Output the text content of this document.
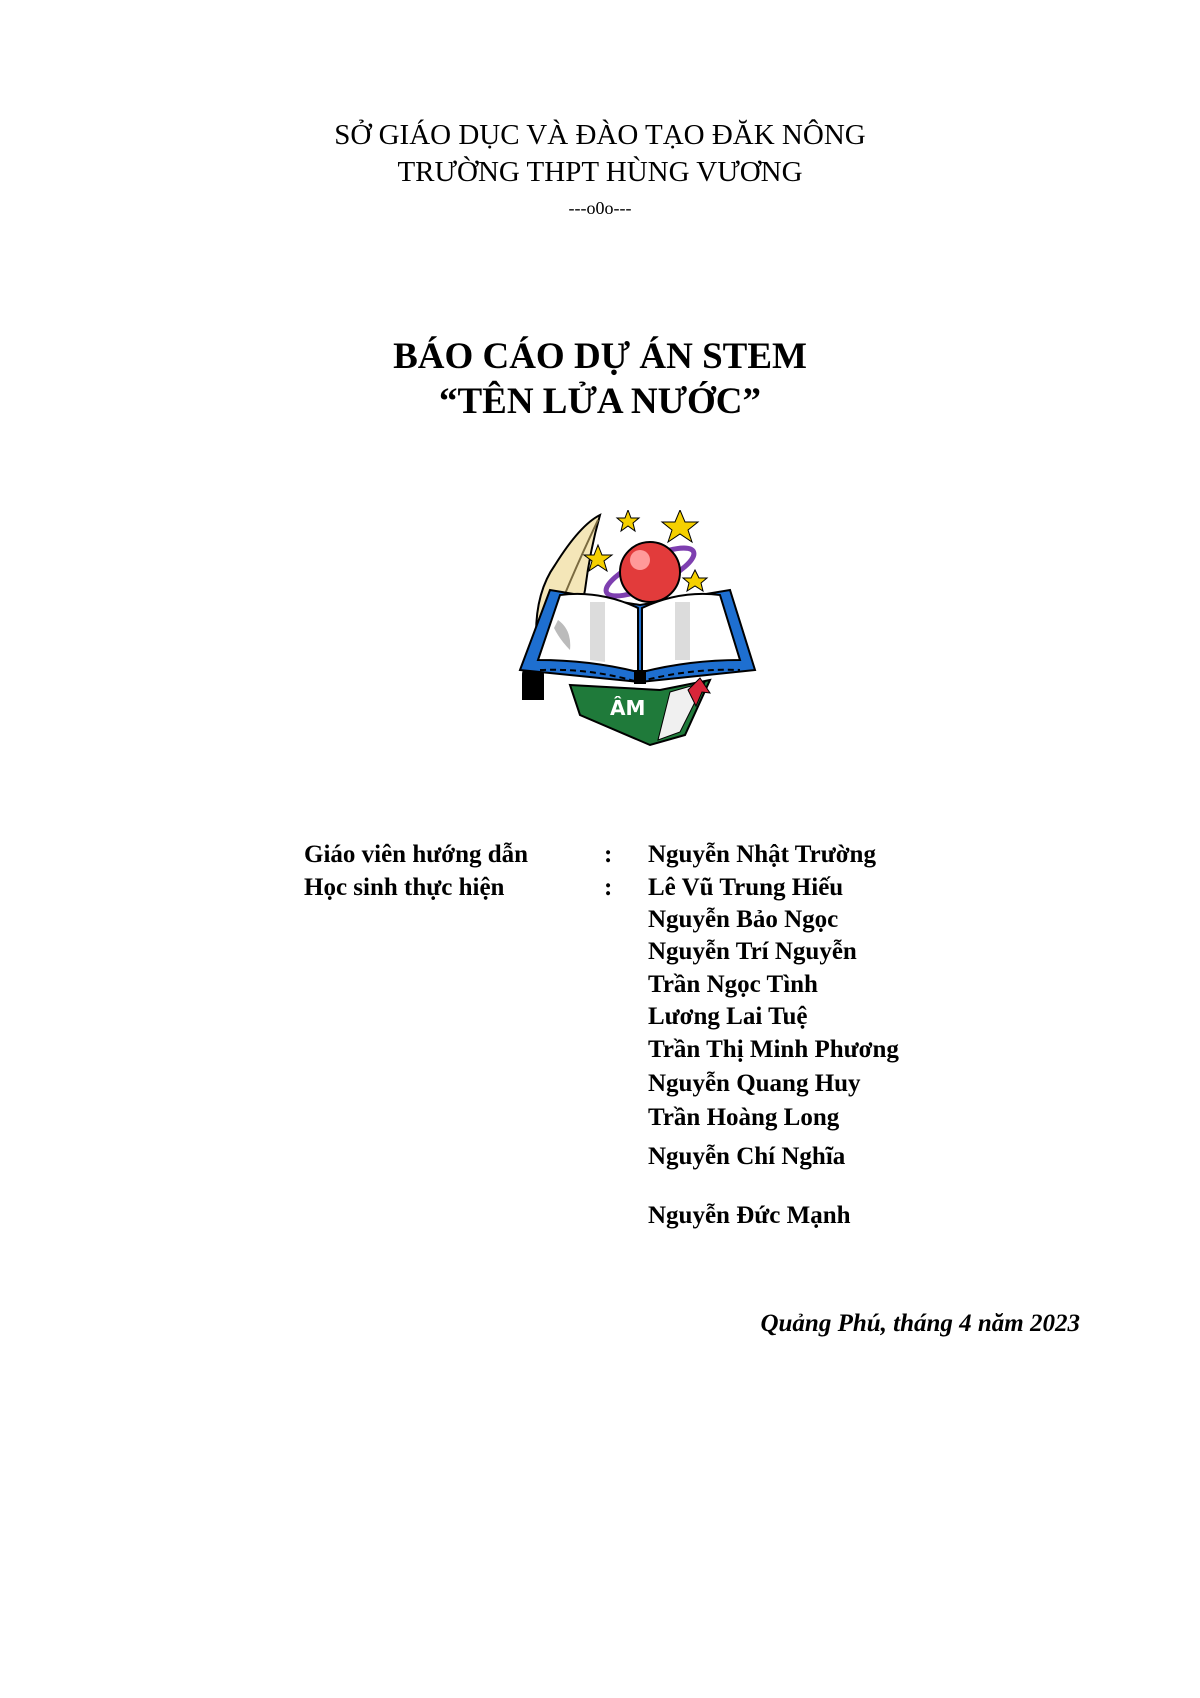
SỞ GIÁO DỤC VÀ ĐÀO TẠO ĐĂK NÔNG
TRƯỜNG THPT HÙNG VƯƠNG
---o0o---
BÁO CÁO DỰ ÁN STEM
“TÊN LỬA NƯỚC”
ÂM
Giáo viên hướng dẫn	: Nguyễn Nhật Trường
Học sinh thực hiện	: Lê Vũ Trung Hiếu
Nguyễn Bảo Ngọc
Nguyễn Trí Nguyễn
Trần Ngọc Tình
Lương Lai Tuệ
Trần Thị Minh Phương
Nguyễn Quang Huy
Trần Hoàng Long
Nguyễn Chí Nghĩa
Nguyễn Đức Mạnh
Quảng Phú, tháng 4 năm 2023
